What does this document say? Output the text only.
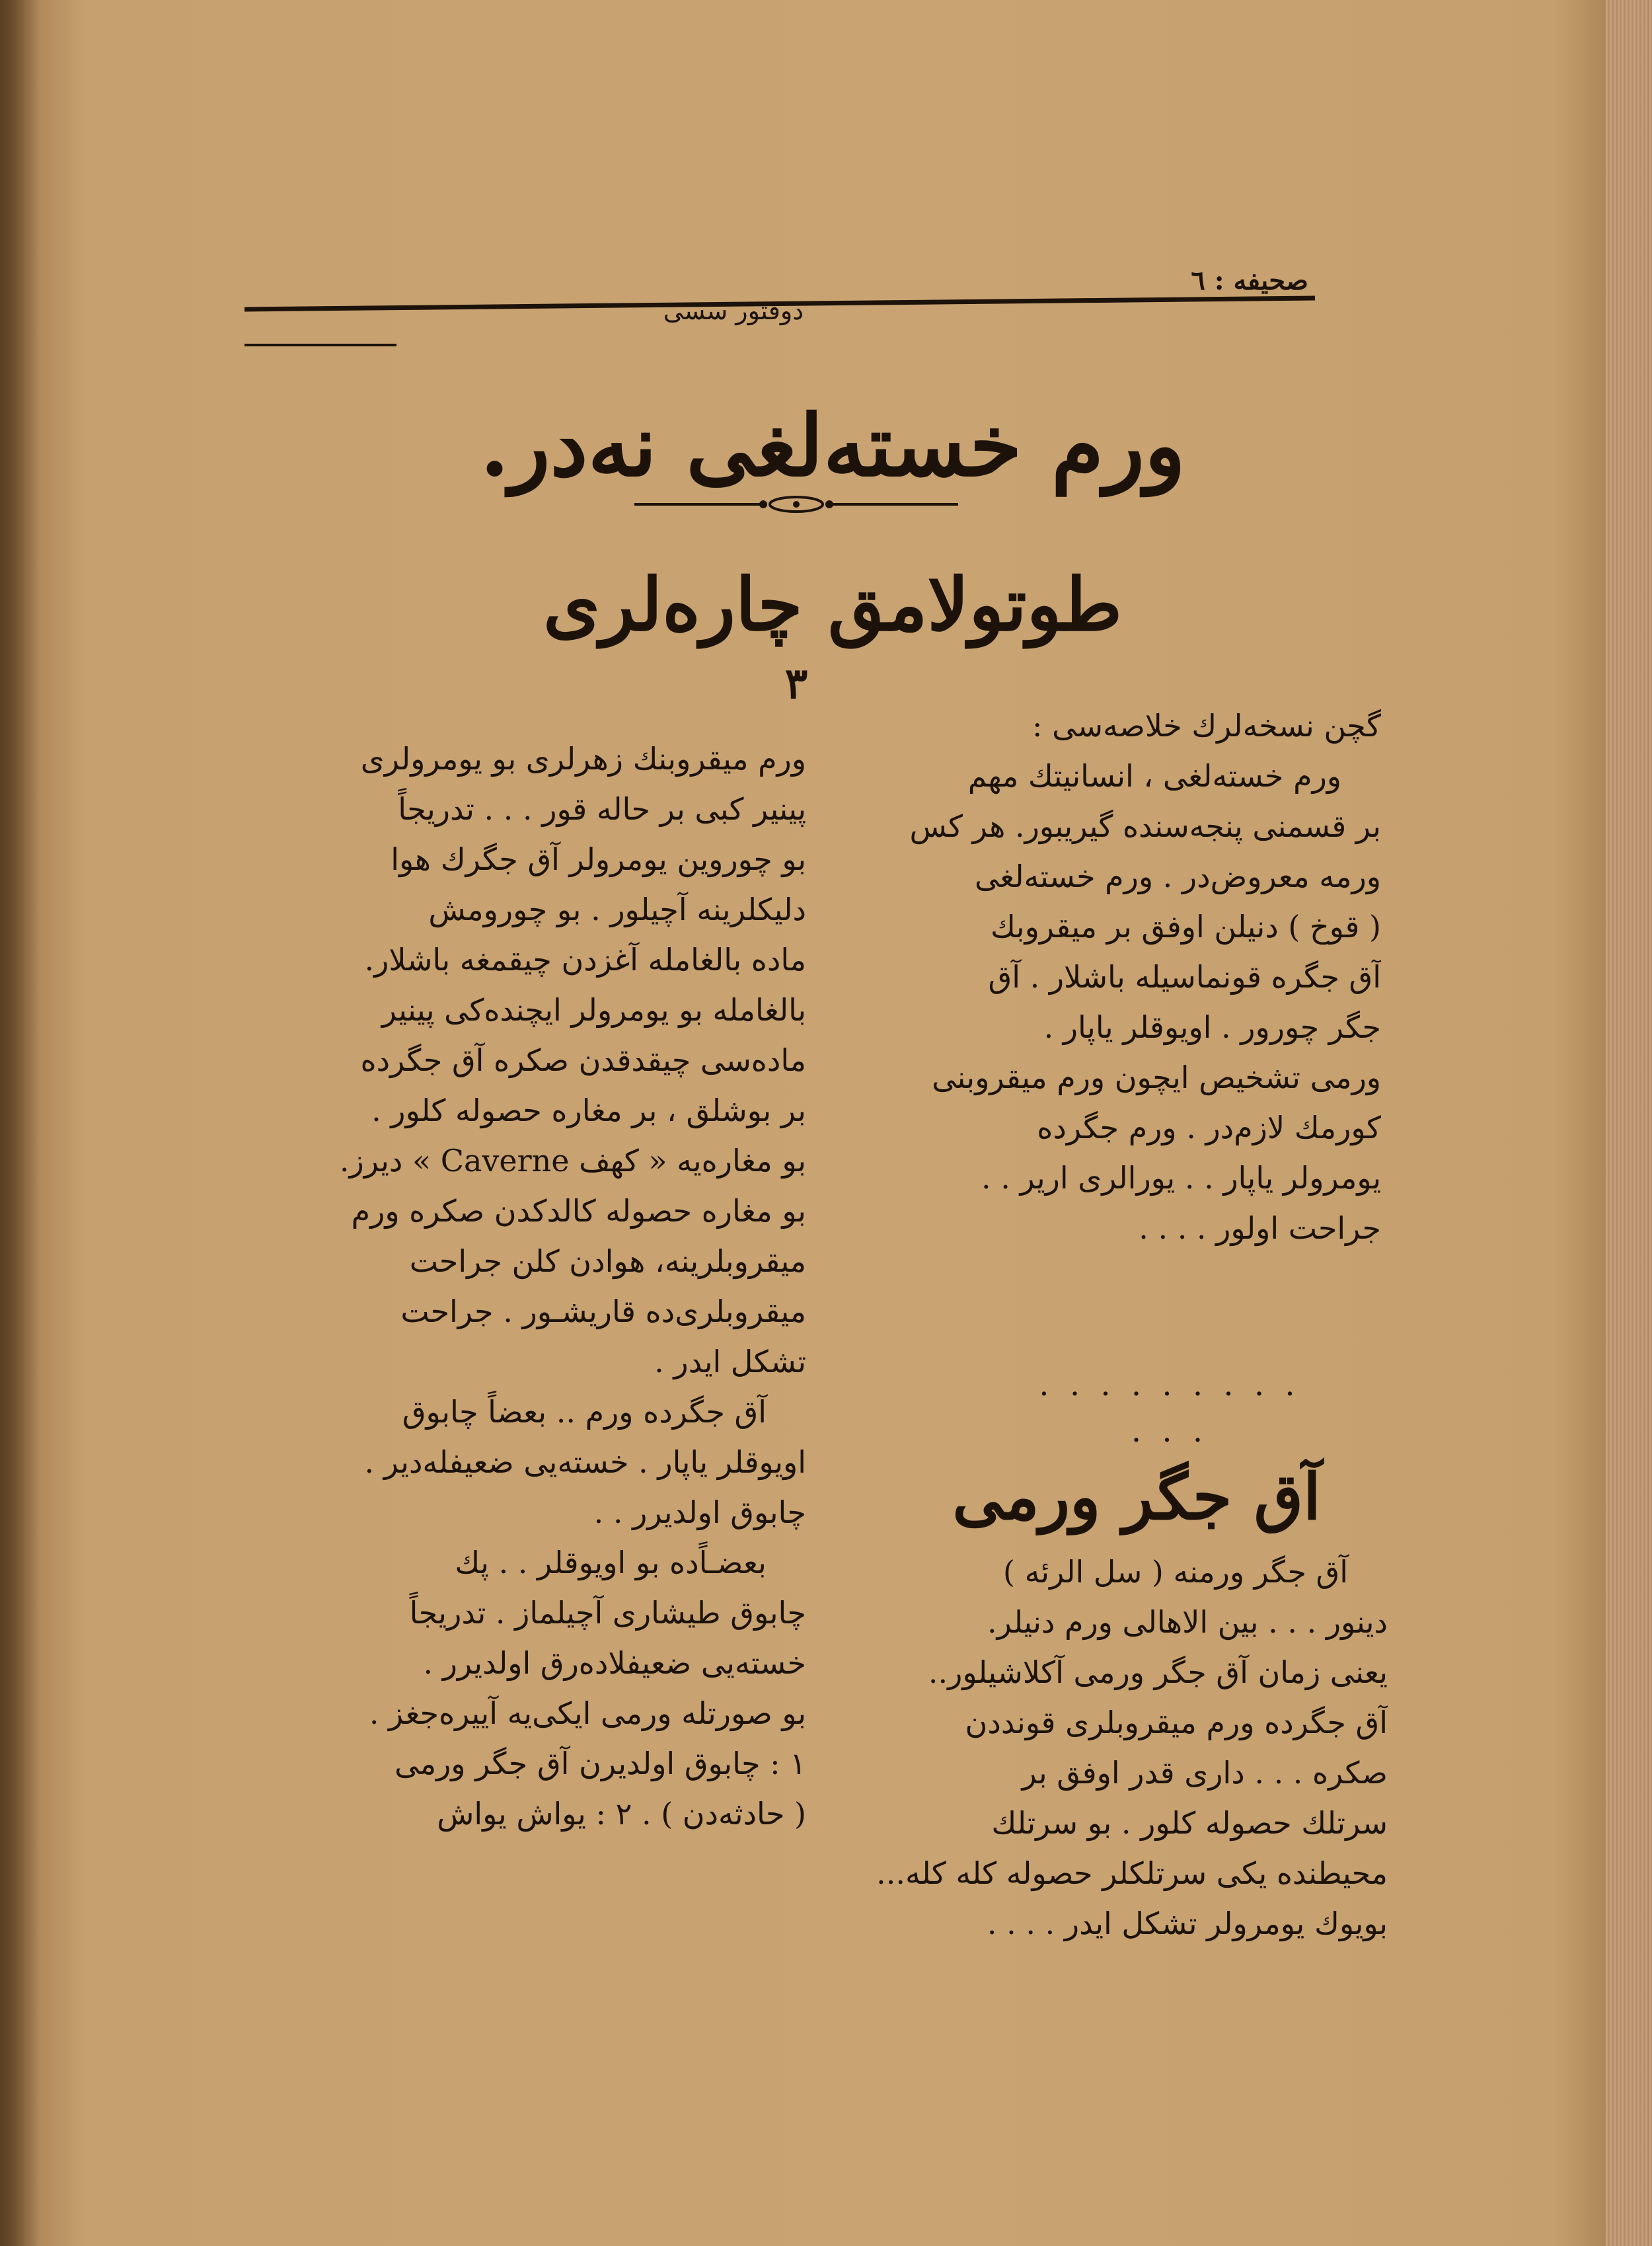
دوقتور سسی
صحیفه : ٦
ورم خسته‌لغی نه‌در.
طوتولامق چاره‌لری
۳
گچن نسخه‌لرك خلاصه‌سی :
ورم خسته‌لغی ، انسانیتك مهم
بر قسمنی پنجه‌سنده گیریبور. هر کس
ورمه معروض‌در . ورم خسته‌لغی
( قوخ ) دنیلن اوفق بر میقروبك
آق جگره قونماسیله باشلار . آق
جگر چورور . اویوقلر یاپار .
ورمی تشخیص ایچون ورم میقروبنی
کورمك لازم‌در . ورم جگرده
یومرولر یاپار . . یورالری اریر . .
جراحت اولور . . . .
. . . . . . . . . . . .
آق جگر ورمی
آق جگر ورمنه ( سل الرئه )
دینور . . . بین الاهالی ورم دنیلر.
یعنی زمان آق جگر ورمی آکلاشیلور..
آق جگرده ورم میقروبلری قونددن
صکره . . . داری قدر اوفق بر
سرتلك حصوله کلور . بو سرتلك
محیطنده یکی سرتلکلر حصوله کله کله...
بویوك یومرولر تشکل ایدر . . . .
ورم میقروبنك زهرلری بو یومرولری
پینیر کبی بر حاله قور . . . تدریجاً
بو چوروین یومرولر آق جگرك هوا
دلیکلرینه آچیلور . بو چورومش
ماده بالغامله آغزدن چیقمغه باشلار.
بالغامله بو یومرولر ایچنده‌کی پینیر
ماده‌سی چیقدقدن صکره آق جگرده
بر بوشلق ، بر مغاره حصوله کلور .
بو مغاره‌یه « کهف Caverne » دیرز.
بو مغاره حصوله کالدکدن صکره ورم
میقروبلرینه، هوادن کلن جراحت
میقروبلری‌ده قاریشـور . جراحت
تشکل ایدر .
آق جگرده ورم .. بعضاً چابوق
اویوقلر یاپار . خسته‌یی ضعیفله‌دیر .
چابوق اولدیرر . .
بعضـاً‌ده بو اویوقلر . . پك
چابوق طیشاری آچیلماز . تدریجاً
خسته‌یی ضعیفلاده‌رق اولدیرر .
بو صورتله ورمی ایکی‌یه آییره‌جغز .
۱ : چابوق اولدیرن آق جگر ورمی
( حادثه‌دن ) . ۲ : یواش یواش
